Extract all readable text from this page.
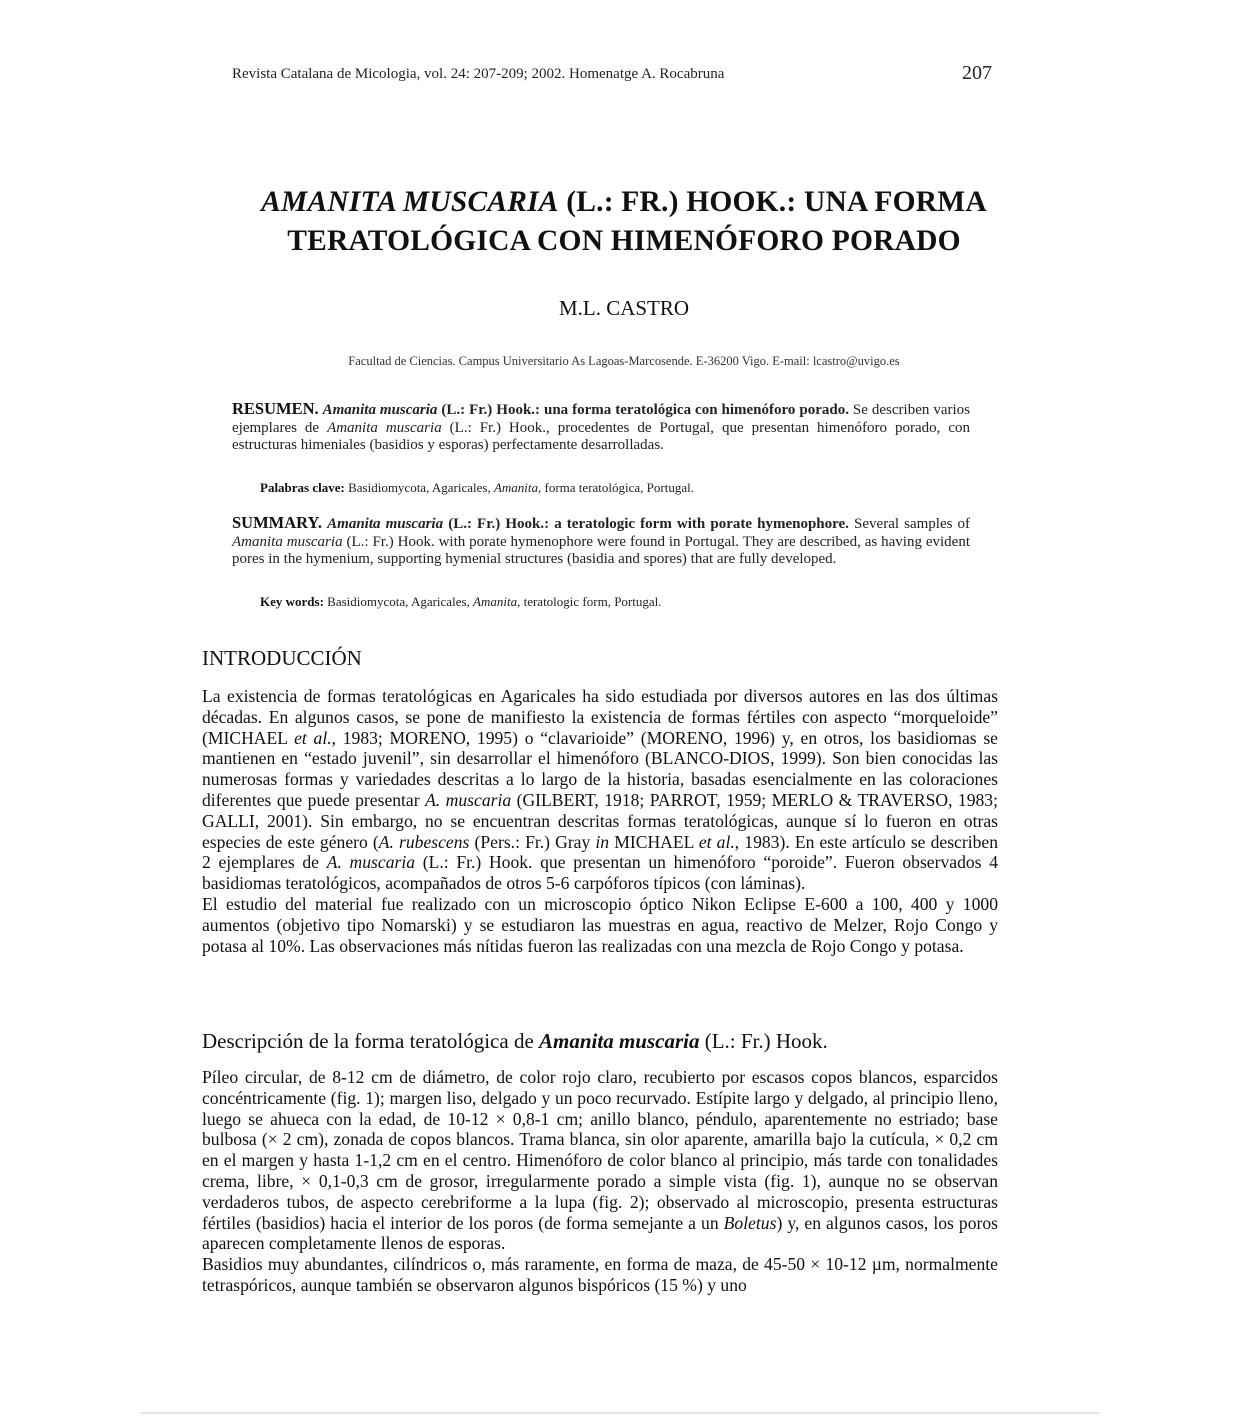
Revista Catalana de Micologia, vol. 24: 207-209; 2002. Homenatge A. Rocabruna	207
AMANITA MUSCARIA (L.: FR.) HOOK.: UNA FORMA
TERATOLÓGICA CON HIMENÓFORO PORADO
M.L. CASTRO
Facultad de Ciencias. Campus Universitario As Lagoas-Marcosende. E-36200 Vigo. E-mail: lcastro@uvigo.es
RESUMEN. Amanita muscaria (L.: Fr.) Hook.: una forma teratológica con himenóforo porado. Se describen varios ejemplares de Amanita muscaria (L.: Fr.) Hook., procedentes de Portugal, que presentan himenóforo porado, con estructuras himeniales (basidios y esporas) perfectamente desarrolladas.
Palabras clave: Basidiomycota, Agaricales, Amanita, forma teratológica, Portugal.
SUMMARY. Amanita muscaria (L.: Fr.) Hook.: a teratologic form with porate hymenophore. Several samples of Amanita muscaria (L.: Fr.) Hook. with porate hymenophore were found in Portugal. They are described, as having evident pores in the hymenium, supporting hymenial structures (basidia and spores) that are fully developed.
Key words: Basidiomycota, Agaricales, Amanita, teratologic form, Portugal.
INTRODUCCIÓN

La existencia de formas teratológicas en Agaricales ha sido estudiada por diversos autores en las dos últimas décadas. En algunos casos, se pone de manifiesto la existencia de formas fértiles con aspecto “morqueloide” (MICHAEL et al., 1983; MORENO, 1995) o “clavarioide” (MORENO, 1996) y, en otros, los basidiomas se mantienen en “estado juvenil”, sin desarrollar el himenóforo (BLANCO-DIOS, 1999). Son bien conocidas las numerosas formas y variedades descritas a lo largo de la historia, basadas esencialmente en las coloraciones diferentes que puede presentar A. muscaria (GILBERT, 1918; PARROT, 1959; MERLO & TRAVERSO, 1983; GALLI, 2001). Sin embargo, no se encuentran descritas formas teratológicas, aunque sí lo fueron en otras especies de este género (A. rubescens (Pers.: Fr.) Gray in MICHAEL et al., 1983). En este artículo se describen 2 ejemplares de A. muscaria (L.: Fr.) Hook. que presentan un himenóforo “poroide”. Fueron observados 4 basidiomas teratológicos, acompañados de otros 5-6 carpóforos típicos (con láminas).

El estudio del material fue realizado con un microscopio óptico Nikon Eclipse E-600 a 100, 400 y 1000 aumentos (objetivo tipo Nomarski) y se estudiaron las muestras en agua, reactivo de Melzer, Rojo Congo y potasa al 10%. Las observaciones más nítidas fueron las realizadas con una mezcla de Rojo Congo y potasa.

Descripción de la forma teratológica de Amanita muscaria (L.: Fr.) Hook.

Píleo circular, de 8-12 cm de diámetro, de color rojo claro, recubierto por escasos copos blancos, esparcidos concéntricamente (fig. 1); margen liso, delgado y un poco recurvado. Estípite largo y delgado, al principio lleno, luego se ahueca con la edad, de 10-12 × 0,8-1 cm; anillo blanco, péndulo, aparentemente no estriado; base bulbosa (× 2 cm), zonada de copos blancos. Trama blanca, sin olor aparente, amarilla bajo la cutícula, × 0,2 cm en el margen y hasta 1-1,2 cm en el centro. Himenóforo de color blanco al principio, más tarde con tonalidades crema, libre, × 0,1-0,3 cm de grosor, irregularmente porado a simple vista (fig. 1), aunque no se observan verdaderos tubos, de aspecto cerebriforme a la lupa (fig. 2); observado al microscopio, presenta estructuras fértiles (basidios) hacia el interior de los poros (de forma semejante a un Boletus) y, en algunos casos, los poros aparecen completamente llenos de esporas.

Basidios muy abundantes, cilíndricos o, más raramente, en forma de maza, de 45-50 × 10-12 µm, normalmente tetraspóricos, aunque también se observaron algunos bispóricos (15 %) y uno
